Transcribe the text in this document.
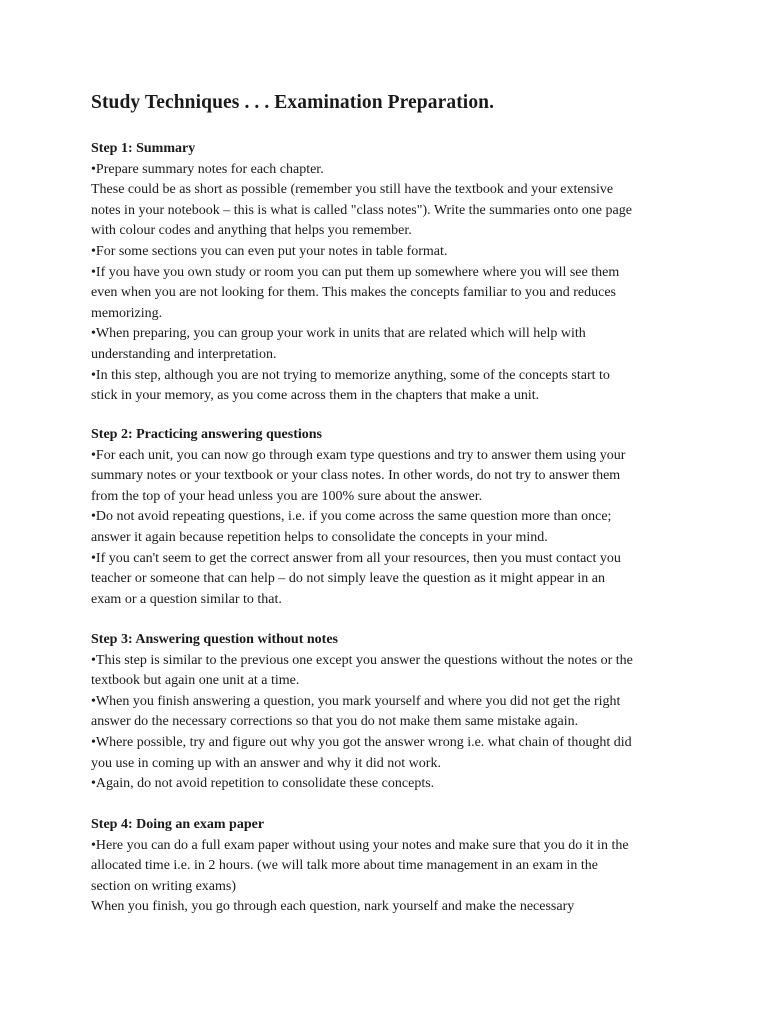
Study Techniques . . . Examination Preparation.

Step 1: Summary

•Prepare summary notes for each chapter.

These could be as short as possible (remember you still have the textbook and your extensive

notes in your notebook – this is what is called "class notes"). Write the summaries onto one page

with colour codes and anything that helps you remember.

•For some sections you can even put your notes in table format.

•If you have you own study or room you can put them up somewhere where you will see them

even when you are not looking for them. This makes the concepts familiar to you and reduces

memorizing.

•When preparing, you can group your work in units that are related which will help with

understanding and interpretation.

•In this step, although you are not trying to memorize anything, some of the concepts start to

stick in your memory, as you come across them in the chapters that make a unit.

Step 2: Practicing answering questions

•For each unit, you can now go through exam type questions and try to answer them using your

summary notes or your textbook or your class notes. In other words, do not try to answer them

from the top of your head unless you are 100% sure about the answer.

•Do not avoid repeating questions, i.e. if you come across the same question more than once;

answer it again because repetition helps to consolidate the concepts in your mind.

•If you can't seem to get the correct answer from all your resources, then you must contact you

teacher or someone that can help – do not simply leave the question as it might appear in an

exam or a question similar to that.

Step 3: Answering question without notes

•This step is similar to the previous one except you answer the questions without the notes or the

textbook but again one unit at a time.

•When you finish answering a question, you mark yourself and where you did not get the right

answer do the necessary corrections so that you do not make them same mistake again.

•Where possible, try and figure out why you got the answer wrong i.e. what chain of thought did

you use in coming up with an answer and why it did not work.

•Again, do not avoid repetition to consolidate these concepts.

Step 4: Doing an exam paper

•Here you can do a full exam paper without using your notes and make sure that you do it in the

allocated time i.e. in 2 hours. (we will talk more about time management in an exam in the

section on writing exams)

When you finish, you go through each question, nark yourself and make the necessary
